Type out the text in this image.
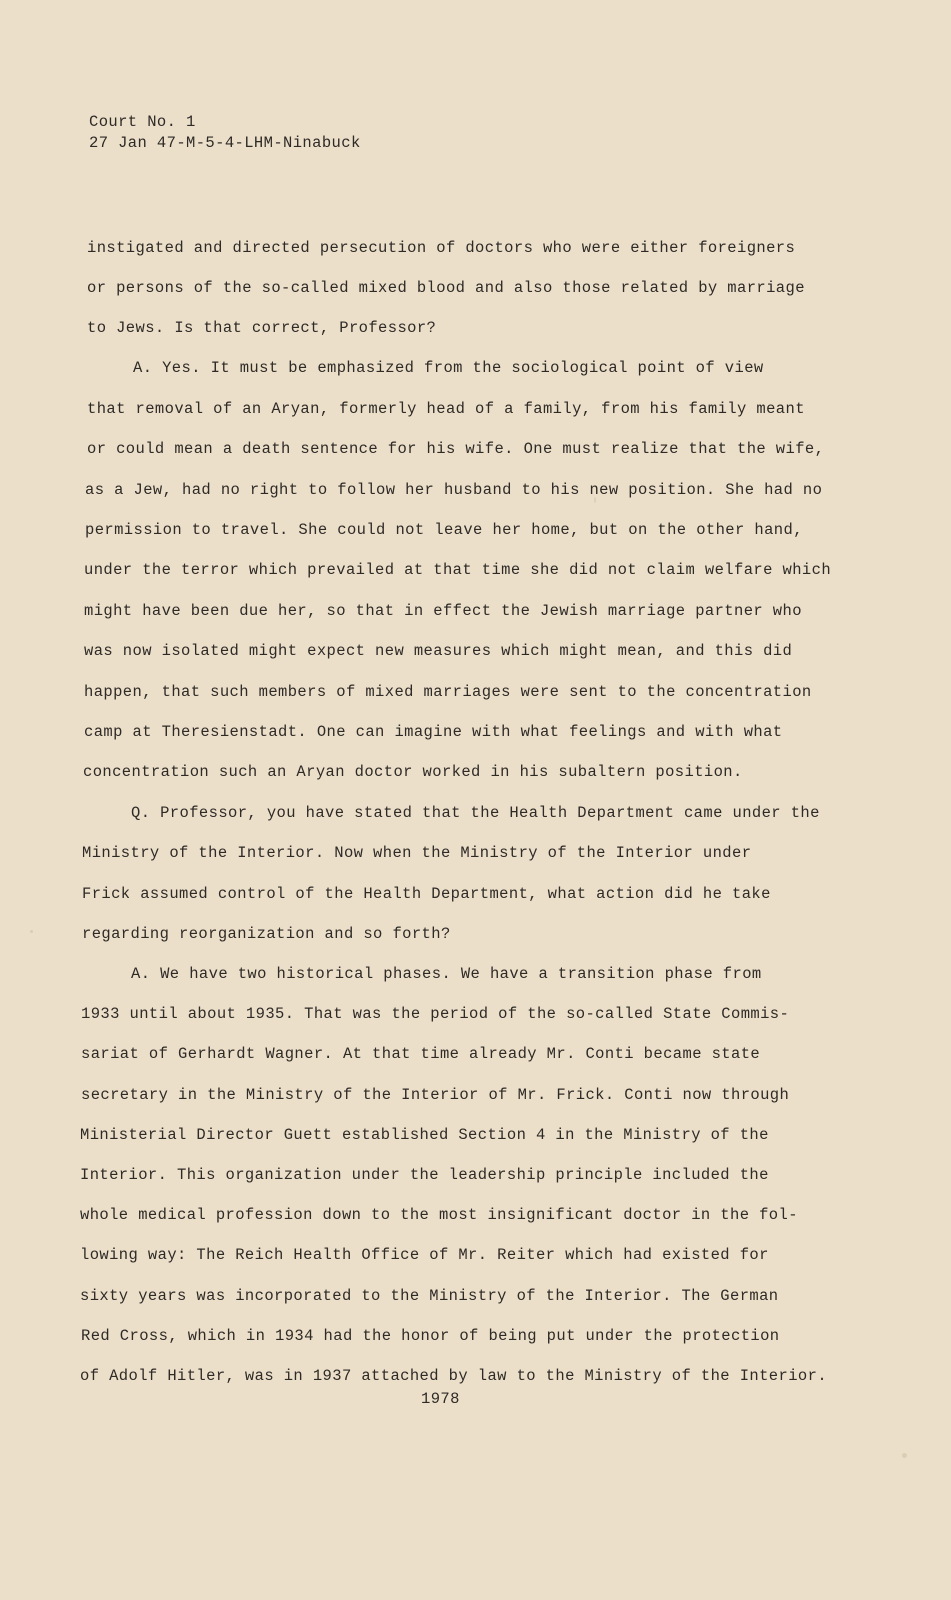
Court No. 1

27 Jan 47-M-5-4-LHM-Ninabuck

instigated and directed persecution of doctors who were either foreigners

or persons of the so-called mixed blood and also those related by marriage

to Jews. Is that correct, Professor?

A. Yes. It must be emphasized from the sociological point of view

that removal of an Aryan, formerly head of a family, from his family meant

or could mean a death sentence for his wife. One must realize that the wife,

as a Jew, had no right to follow her husband to his new position. She had no

permission to travel. She could not leave her home, but on the other hand,

under the terror which prevailed at that time she did not claim welfare which

might have been due her, so that in effect the Jewish marriage partner who

was now isolated might expect new measures which might mean, and this did

happen, that such members of mixed marriages were sent to the concentration

camp at Theresienstadt. One can imagine with what feelings and with what

concentration such an Aryan doctor worked in his subaltern position.

Q. Professor, you have stated that the Health Department came under the

Ministry of the Interior. Now when the Ministry of the Interior under

Frick assumed control of the Health Department, what action did he take

regarding reorganization and so forth?

A. We have two historical phases. We have a transition phase from

1933 until about 1935. That was the period of the so-called State Commis-

sariat of Gerhardt Wagner. At that time already Mr. Conti became state

secretary in the Ministry of the Interior of Mr. Frick. Conti now through

Ministerial Director Guett established Section 4 in the Ministry of the

Interior. This organization under the leadership principle included the

whole medical profession down to the most insignificant doctor in the fol-

lowing way: The Reich Health Office of Mr. Reiter which had existed for

sixty years was incorporated to the Ministry of the Interior. The German

Red Cross, which in 1934 had the honor of being put under the protection

of Adolf Hitler, was in 1937 attached by law to the Ministry of the Interior.

1978
